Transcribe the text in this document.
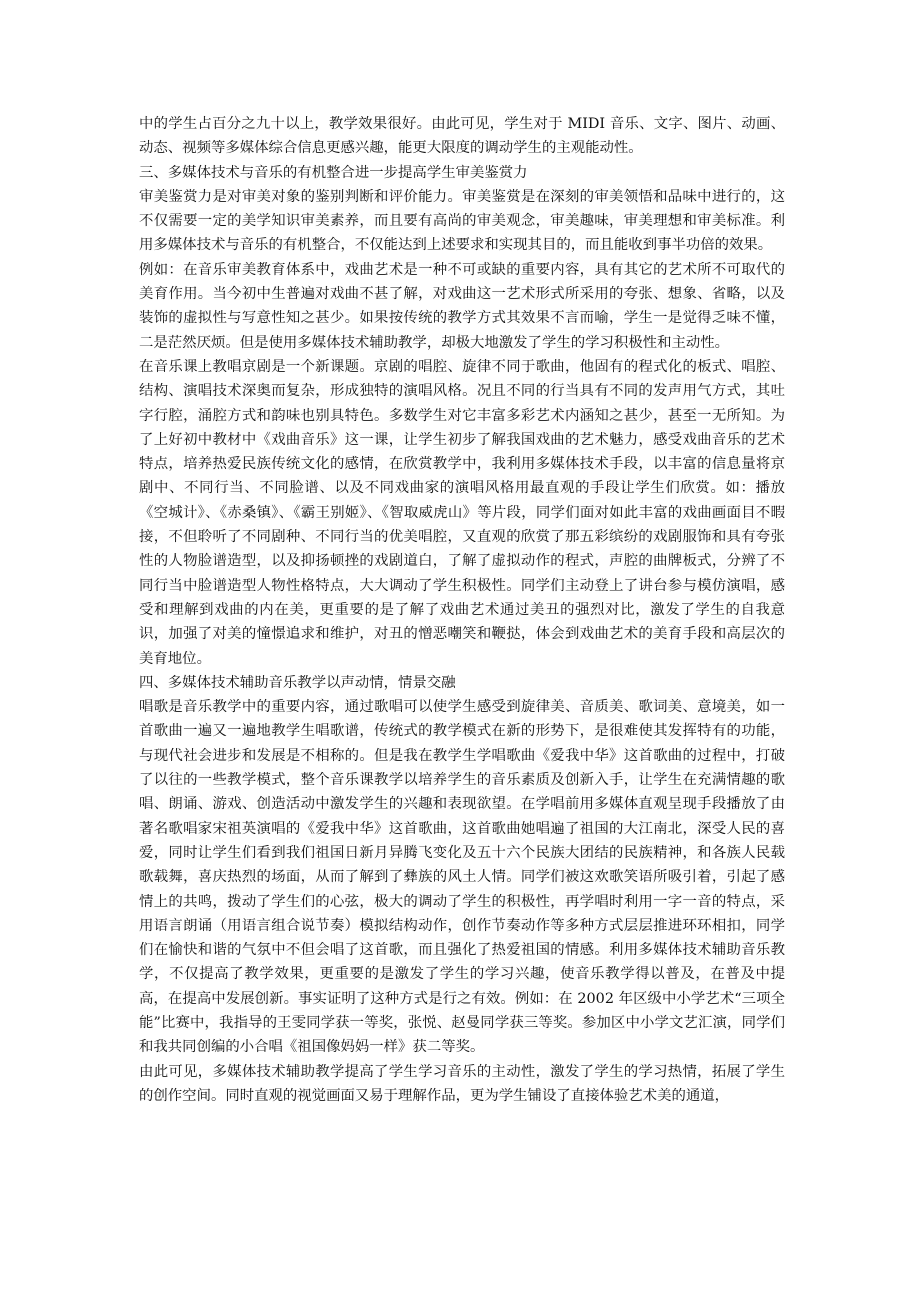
中的学生占百分之九十以上，教学效果很好。由此可见，学生对于 MIDI 音乐、文字、图片、动画、动态、视频等多媒体综合信息更感兴趣，能更大限度的调动学生的主观能动性。

三、多媒体技术与音乐的有机整合进一步提高学生审美鉴赏力

审美鉴赏力是对审美对象的鉴别判断和评价能力。审美鉴赏是在深刻的审美领悟和品味中进行的，这不仅需要一定的美学知识审美素养，而且要有高尚的审美观念，审美趣味，审美理想和审美标准。利用多媒体技术与音乐的有机整合，不仅能达到上述要求和实现其目的，而且能收到事半功倍的效果。

例如：在音乐审美教育体系中，戏曲艺术是一种不可或缺的重要内容，具有其它的艺术所不可取代的美育作用。当今初中生普遍对戏曲不甚了解，对戏曲这一艺术形式所采用的夸张、想象、省略，以及装饰的虚拟性与写意性知之甚少。如果按传统的教学方式其效果不言而喻，学生一是觉得乏味不懂，二是茫然厌烦。但是使用多媒体技术辅助教学，却极大地激发了学生的学习积极性和主动性。

在音乐课上教唱京剧是一个新课题。京剧的唱腔、旋律不同于歌曲，他固有的程式化的板式、唱腔、结构、演唱技术深奥而复杂，形成独特的演唱风格。况且不同的行当具有不同的发声用气方式，其吐字行腔，涌腔方式和韵味也别具特色。多数学生对它丰富多彩艺术内涵知之甚少，甚至一无所知。为了上好初中教材中《戏曲音乐》这一课，让学生初步了解我国戏曲的艺术魅力，感受戏曲音乐的艺术特点，培养热爱民族传统文化的感情，在欣赏教学中，我利用多媒体技术手段，以丰富的信息量将京剧中、不同行当、不同脸谱、以及不同戏曲家的演唱风格用最直观的手段让学生们欣赏。如：播放《空城计》、《赤桑镇》、《霸王别姬》、《智取威虎山》等片段，同学们面对如此丰富的戏曲画面目不暇接，不但聆听了不同剧种、不同行当的优美唱腔，又直观的欣赏了那五彩缤纷的戏剧服饰和具有夸张性的人物脸谱造型，以及抑扬顿挫的戏剧道白，了解了虚拟动作的程式，声腔的曲牌板式，分辨了不同行当中脸谱造型人物性格特点，大大调动了学生积极性。同学们主动登上了讲台参与模仿演唱，感受和理解到戏曲的内在美，更重要的是了解了戏曲艺术通过美丑的强烈对比，激发了学生的自我意识，加强了对美的憧憬追求和维护，对丑的憎恶嘲笑和鞭挞，体会到戏曲艺术的美育手段和高层次的美育地位。

四、多媒体技术辅助音乐教学以声动情，情景交融

唱歌是音乐教学中的重要内容，通过歌唱可以使学生感受到旋律美、音质美、歌词美、意境美，如一首歌曲一遍又一遍地教学生唱歌谱，传统式的教学模式在新的形势下，是很难使其发挥特有的功能，与现代社会进步和发展是不相称的。但是我在教学生学唱歌曲《爱我中华》这首歌曲的过程中，打破了以往的一些教学模式，整个音乐课教学以培养学生的音乐素质及创新入手，让学生在充满情趣的歌唱、朗诵、游戏、创造活动中激发学生的兴趣和表现欲望。在学唱前用多媒体直观呈现手段播放了由著名歌唱家宋祖英演唱的《爱我中华》这首歌曲，这首歌曲她唱遍了祖国的大江南北，深受人民的喜爱，同时让学生们看到我们祖国日新月异腾飞变化及五十六个民族大团结的民族精神，和各族人民载歌载舞，喜庆热烈的场面，从而了解到了彝族的风土人情。同学们被这欢歌笑语所吸引着，引起了感情上的共鸣，拨动了学生们的心弦，极大的调动了学生的积极性，再学唱时利用一字一音的特点，采用语言朗诵（用语言组合说节奏）模拟结构动作，创作节奏动作等多种方式层层推进环环相扣，同学们在愉快和谐的气氛中不但会唱了这首歌，而且强化了热爱祖国的情感。利用多媒体技术辅助音乐教学，不仅提高了教学效果，更重要的是激发了学生的学习兴趣，使音乐教学得以普及，在普及中提高，在提高中发展创新。事实证明了这种方式是行之有效。例如：在 2002 年区级中小学艺术“三项全能”比赛中，我指导的王雯同学获一等奖，张悦、赵曼同学获三等奖。参加区中小学文艺汇演，同学们和我共同创编的小合唱《祖国像妈妈一样》获二等奖。

由此可见，多媒体技术辅助教学提高了学生学习音乐的主动性，激发了学生的学习热情，拓展了学生的创作空间。同时直观的视觉画面又易于理解作品，更为学生铺设了直接体验艺术美的通道，
